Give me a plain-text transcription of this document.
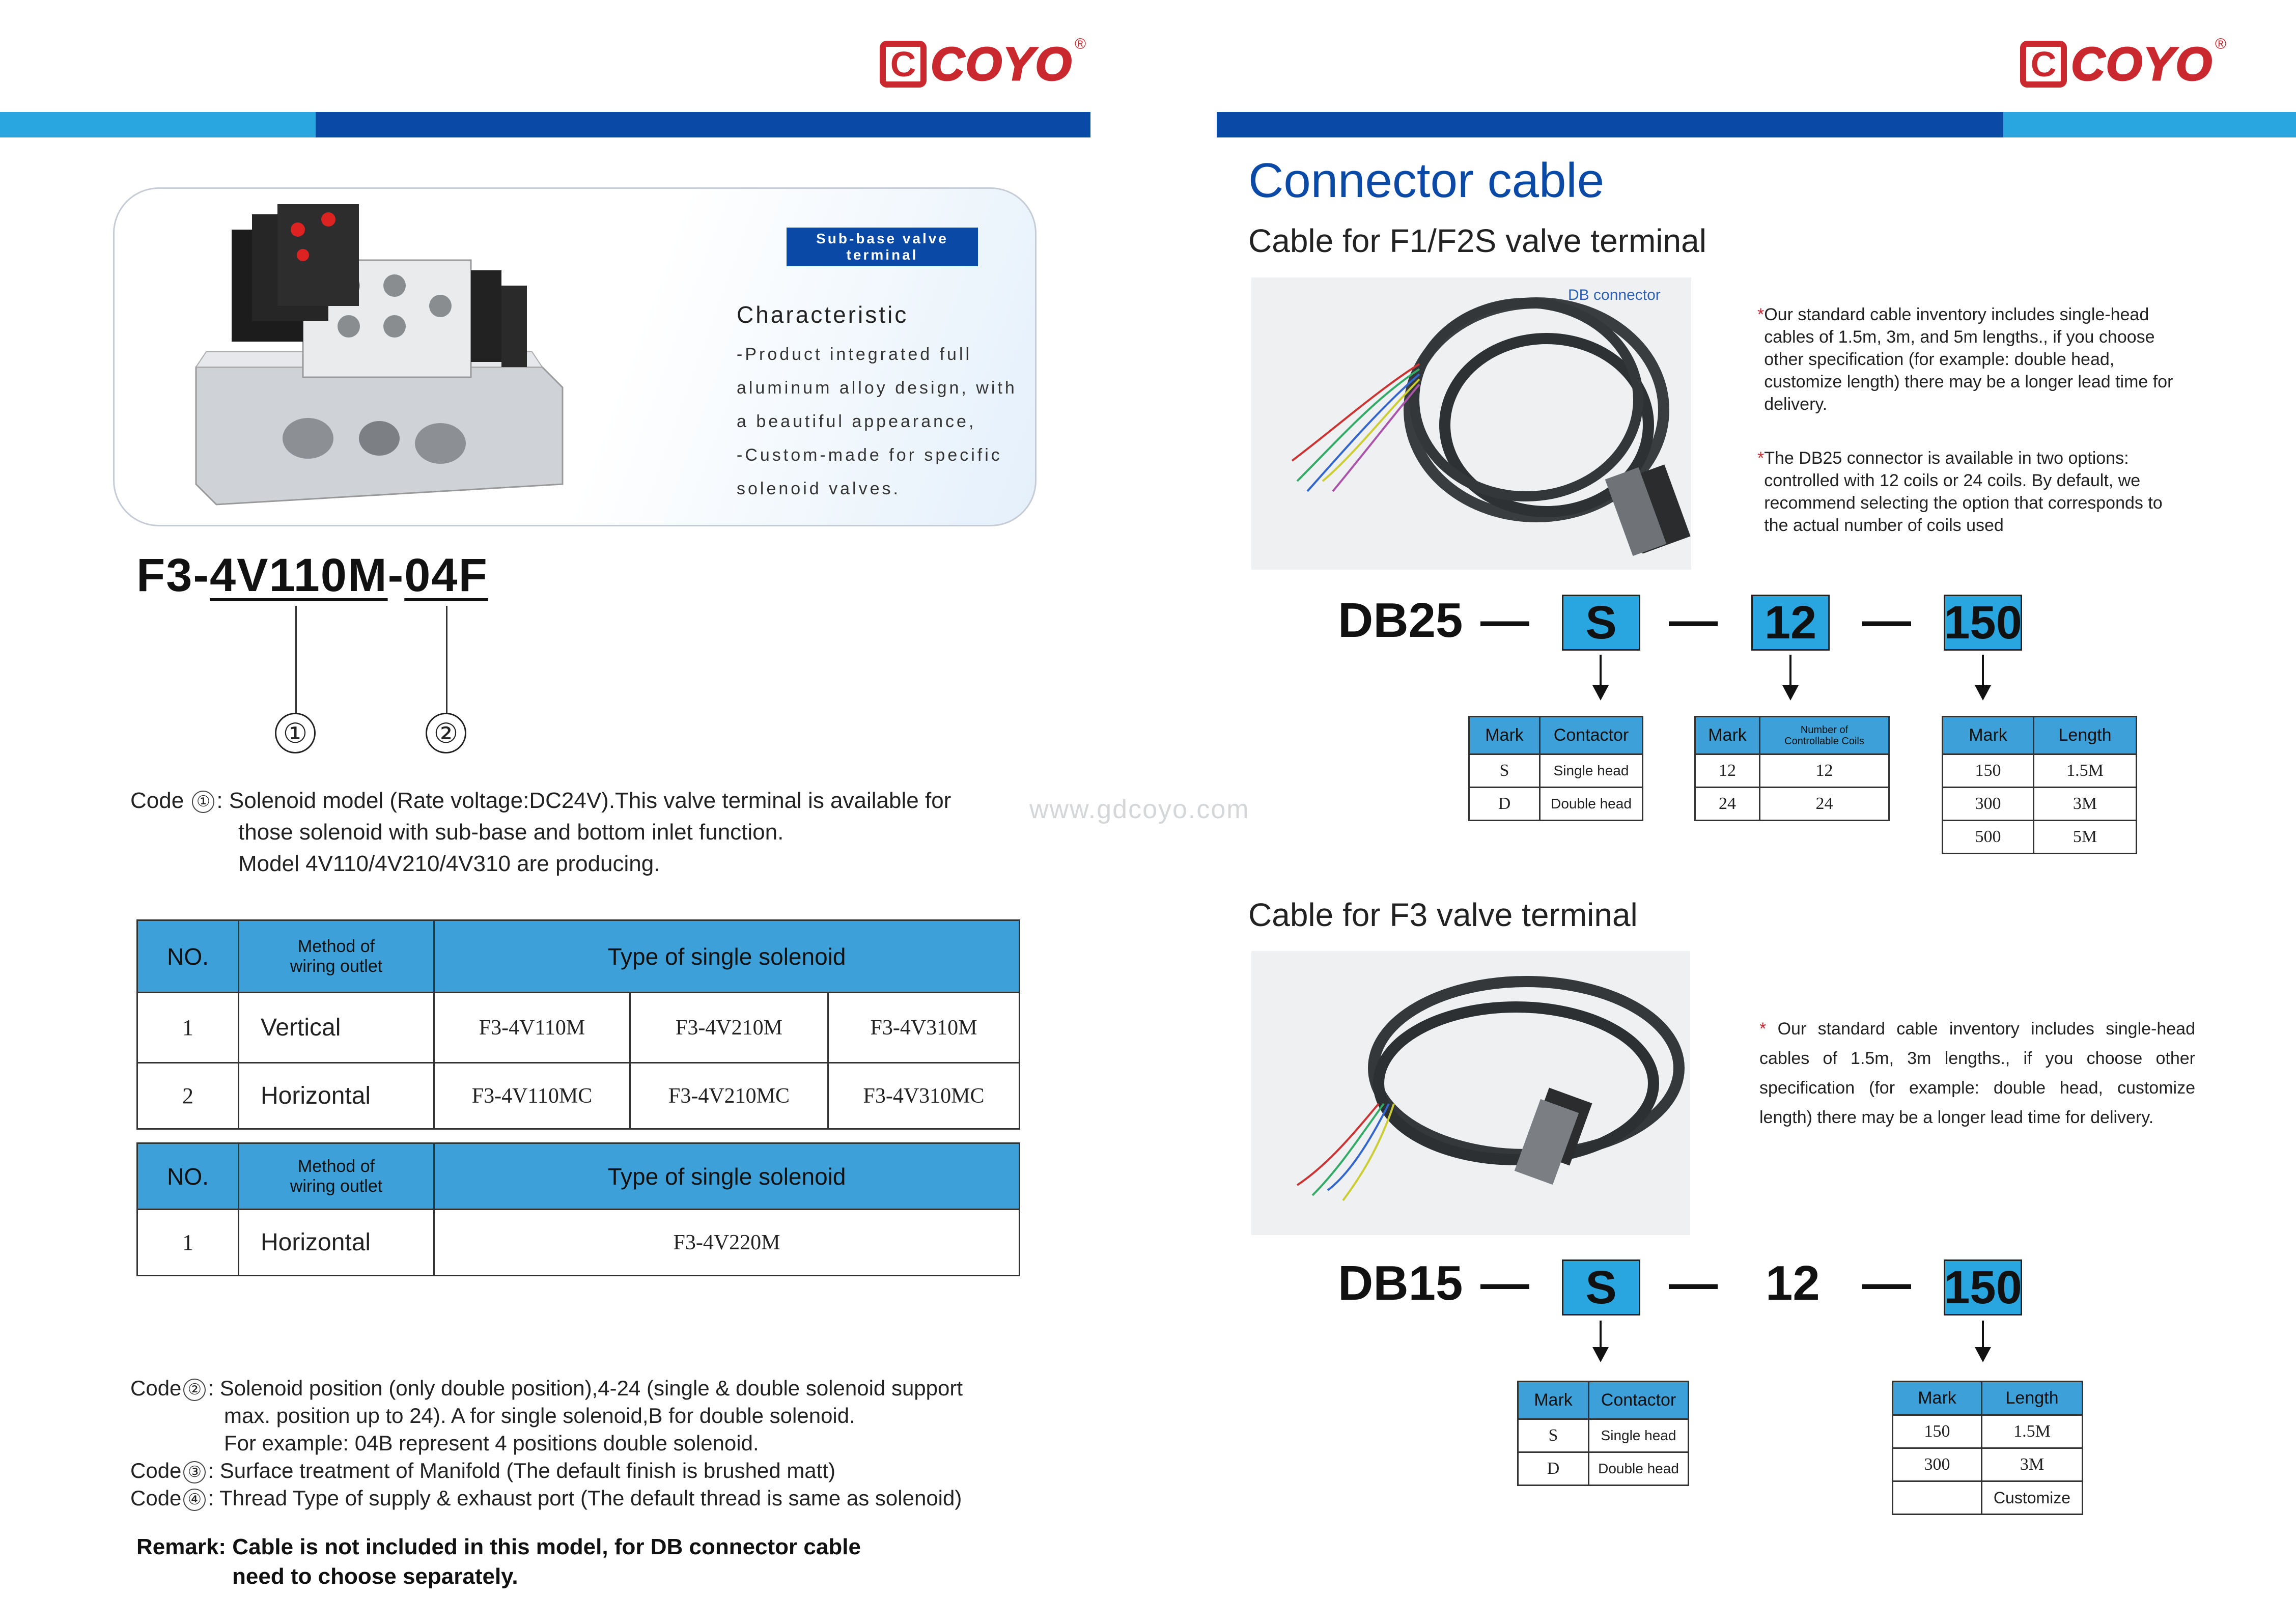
C COYO ®
C COYO ®
Sub-base valve terminal
Characteristic
-Product integrated full
aluminum alloy design, with
a beautiful appearance,
-Custom-made for specific
solenoid valves.
F3-4V110M-04F
①	②
Code ① : Solenoid model (Rate voltage:DC24V).This valve terminal is available for
those solenoid with sub-base and bottom inlet function.
Model 4V110/4V210/4V310 are producing.
NO.	Method of wiring outlet	Type of single solenoid		
1	Vertical	F3-4V110M	F3-4V210M	F3-4V310M
2	Horizontal	F3-4V110MC	F3-4V210MC	F3-4V310MC
NO.	Method of wiring outlet	Type of single solenoid
1	Horizontal	F3-4V220M
Code ② : Solenoid position (only double position),4-24 (single & double solenoid support
max. position up to 24). A for single solenoid,B for double solenoid.
For example: 04B represent 4 positions double solenoid.
Code ③ : Surface treatment of Manifold (The default finish is brushed matt)
Code ④ : Thread Type of supply & exhaust port (The default thread is same as solenoid)
Remark: Cable is not included in this model, for DB connector cable
need to choose separately.
www.gdcoyo.com
Connector cable
Cable for F1/F2S valve terminal
DB connector
* Our standard cable inventory includes single-head cables of 1.5m, 3m, and 5m lengths., if you choose other specification (for example: double head, customize length) there may be a longer lead time for delivery.
* The DB25 connector is available in two options: controlled with 12 coils or 24 coils. By default, we recommend selecting the option that corresponds to the actual number of coils used
DB25 —	S	— 12 — 150
Mark	Contactor
S	Single head
D	Double head
Mark	Number of Controllable Coils
12	12
24	24
Mark	Length
150	1.5M
300	3M
500	5M
Cable for F3 valve terminal
* Our standard cable inventory includes single-head cables of 1.5m, 3m lengths., if you choose other specification (for example: double head, customize length) there may be a longer lead time for delivery.
DB15 —	S	— 12 — 150
Mark	Contactor
S	Single head
D	Double head
Mark	Length
150	1.5M
300	3M
	Customize
